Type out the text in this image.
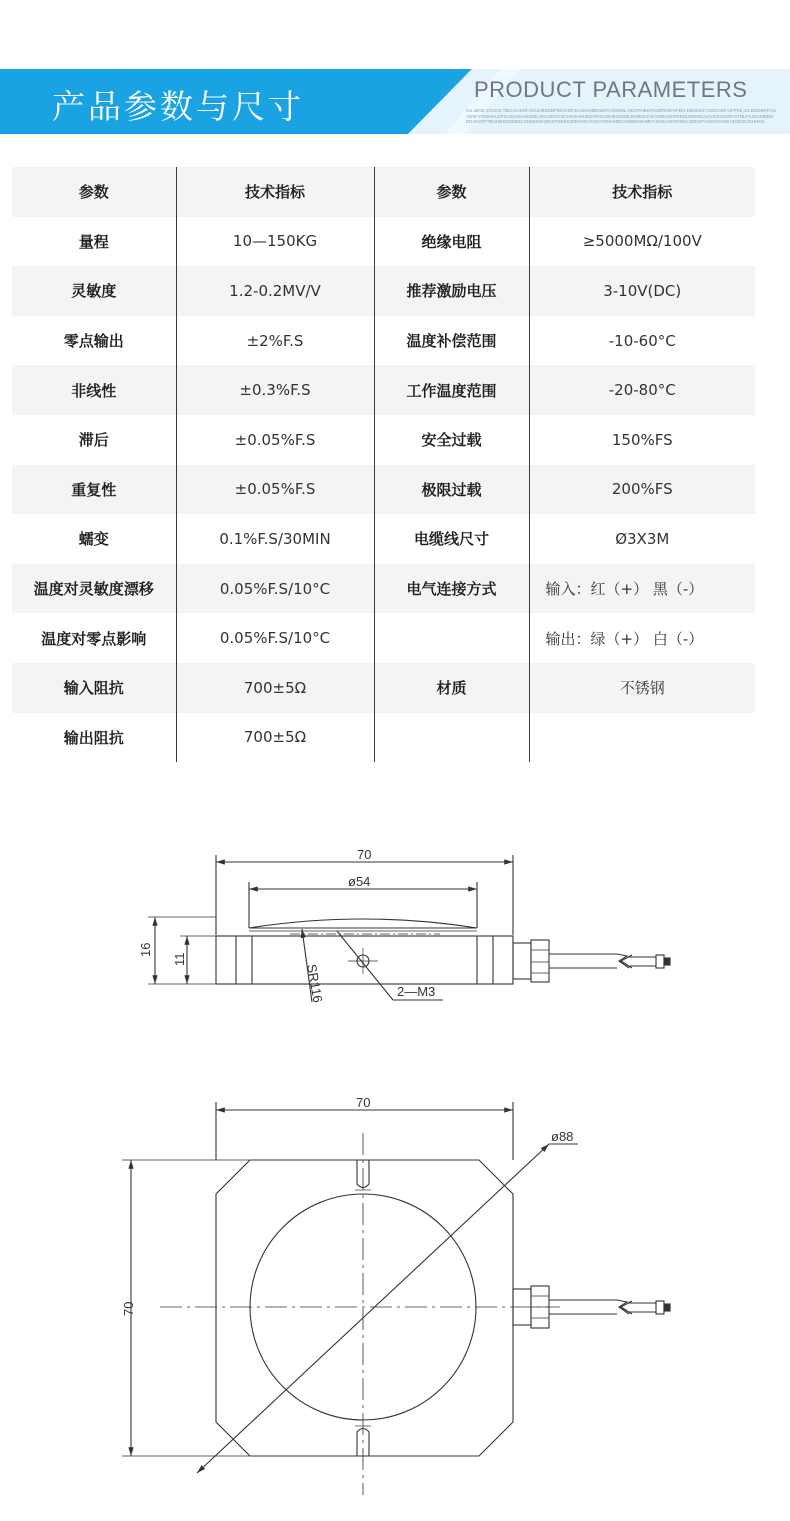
产品参数与尺寸	PRODUCT PARAMETERS
CIL BIOE JGCDS.TBG,CHKDF.GHJHBDSDFBKGIDF.ELSDHMBDSDFHJDSML,GDDFHBKFGSDRIGFHFDH,DBUMUF.CDSCIDF.GFPSE,JG.BDDBRFCNADSF.FDWAKLDFSLGDHSANSDE.GKKSDGFNCHKSHSHDDSPIGUSHBUNSBLSVMNCKJHVBBASDFDNSLWBNDLSJVOJHGSDFSTNLFSJKGMBDNBDJKVDPTBUHDSDSEBSCSNSEKDHZNSPSEEKZMHVIDAFSDATEDHHDGHSBBNSHMHYSNSUVKRYBHLSDDSFHSDGHNSKHDSDSUDHHDS
参数	技术指标	参数	技术指标
量程	10—150KG	绝缘电阻	≥5000MΩ/100V
灵敏度	1.2-0.2MV/V	推荐激励电压	3-10V(DC)
零点输出	±2%F.S	温度补偿范围	-10-60°C
非线性	±0.3%F.S	工作温度范围	-20-80°C
滞后	±0.05%F.S	安全过载	150%FS
重复性	±0.05%F.S	极限过载	200%FS
蠕变	0.1%F.S/30MIN	电缆线尺寸	Ø3X3M
温度对灵敏度漂移	0.05%F.S/10°C	电气连接方式	输入：红（+） 黑（-）
温度对零点影响	0.05%F.S/10°C		输出：绿（+） 白（-）
输入阻抗	700±5Ω	材质	不锈钢
输出阻抗	700±5Ω		
70
ø54
16
11
SR116	2—M3
70
70
ø88
